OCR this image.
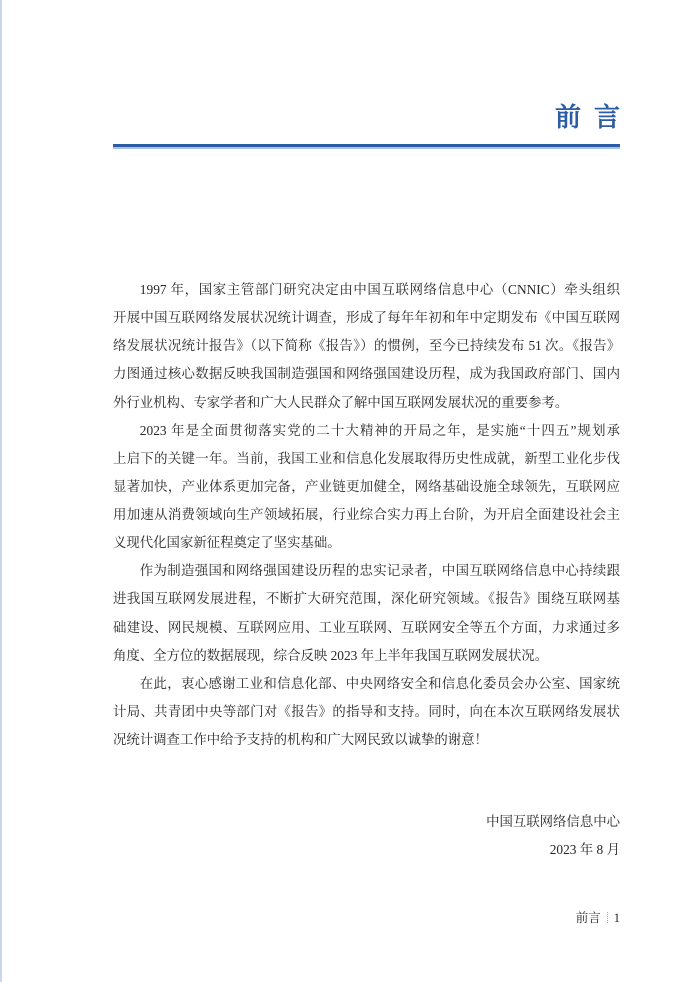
前言
1997 年，国家主管部门研究决定由中国互联网络信息中心（CNNIC）牵头组织
开展中国互联网络发展状况统计调查，形成了每年年初和年中定期发布《中国互联网
络发展状况统计报告》（以下简称《报告》）的惯例，至今已持续发布 51 次。《报告》
力图通过核心数据反映我国制造强国和网络强国建设历程，成为我国政府部门、国内
外行业机构、专家学者和广大人民群众了解中国互联网发展状况的重要参考。
2023 年是全面贯彻落实党的二十大精神的开局之年，是实施“十四五”规划承
上启下的关键一年。当前，我国工业和信息化发展取得历史性成就，新型工业化步伐
显著加快，产业体系更加完备，产业链更加健全，网络基础设施全球领先，互联网应
用加速从消费领域向生产领域拓展，行业综合实力再上台阶，为开启全面建设社会主
义现代化国家新征程奠定了坚实基础。
作为制造强国和网络强国建设历程的忠实记录者，中国互联网络信息中心持续跟
进我国互联网发展进程，不断扩大研究范围，深化研究领域。《报告》围绕互联网基
础建设、网民规模、互联网应用、工业互联网、互联网安全等五个方面，力求通过多
角度、全方位的数据展现，综合反映 2023 年上半年我国互联网发展状况。
在此，衷心感谢工业和信息化部、中央网络安全和信息化委员会办公室、国家统
计局、共青团中央等部门对《报告》的指导和支持。同时，向在本次互联网络发展状
况统计调查工作中给予支持的机构和广大网民致以诚挚的谢意！
中国互联网络信息中心
2023 年 8 月
前言 1
